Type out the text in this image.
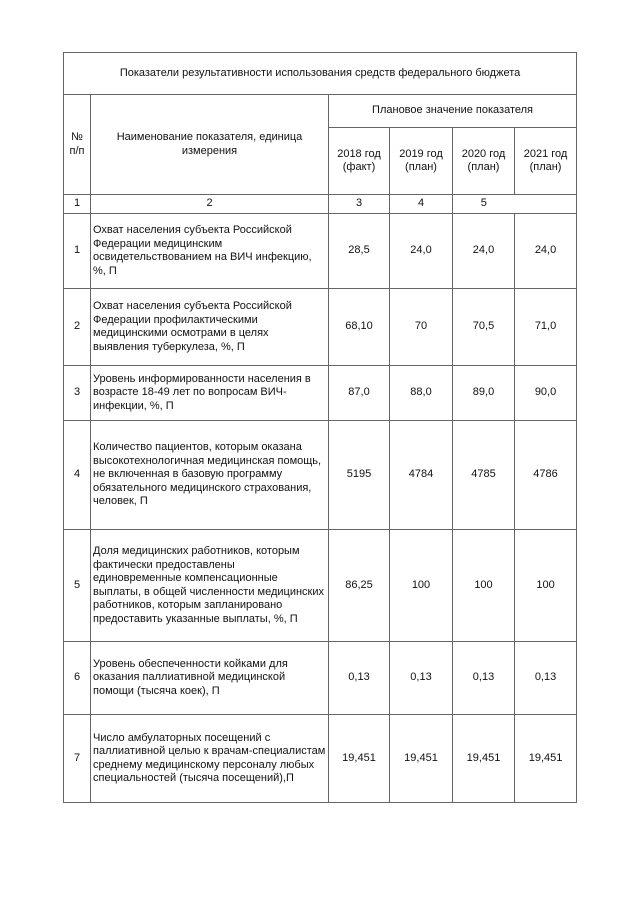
Показатели результативности использования средств федерального бюджета					
№ п/п	Наименование показателя, единица измерения	Плановое значение показателя			
		2018 год (факт)	2019 год (план)	2020 год (план)	2021 год (план)
1	2	3	4	5	
1	Охват населения субъекта Российской Федерации медицинским освидетельствованием на ВИЧ инфекцию, %, П	28,5	24,0	24,0	24,0
2	Охват населения субъекта Российской Федерации профилактическими медицинскими осмотрами в целях выявления туберкулеза, %, П	68,10	70	70,5	71,0
3	Уровень информированности населения в возрасте 18-49 лет по вопросам ВИЧ-инфекции, %, П	87,0	88,0	89,0	90,0
4	Количество пациентов, которым оказана высокотехнологичная медицинская помощь, не включенная в базовую программу обязательного медицинского страхования, человек, П	5195	4784	4785	4786
5	Доля медицинских работников, которым фактически предоставлены единовременные компенсационные выплаты, в общей численности медицинских работников, которым запланировано предоставить указанные выплаты, %, П	86,25	100	100	100
6	Уровень обеспеченности койками для оказания паллиативной медицинской помощи (тысяча коек), П	0,13	0,13	0,13	0,13
7	Число амбулаторных посещений с паллиативной целью к врачам-специалистам среднему медицинскому персоналу любых специальностей (тысяча посещений),П	19,451	19,451	19,451	19,451
